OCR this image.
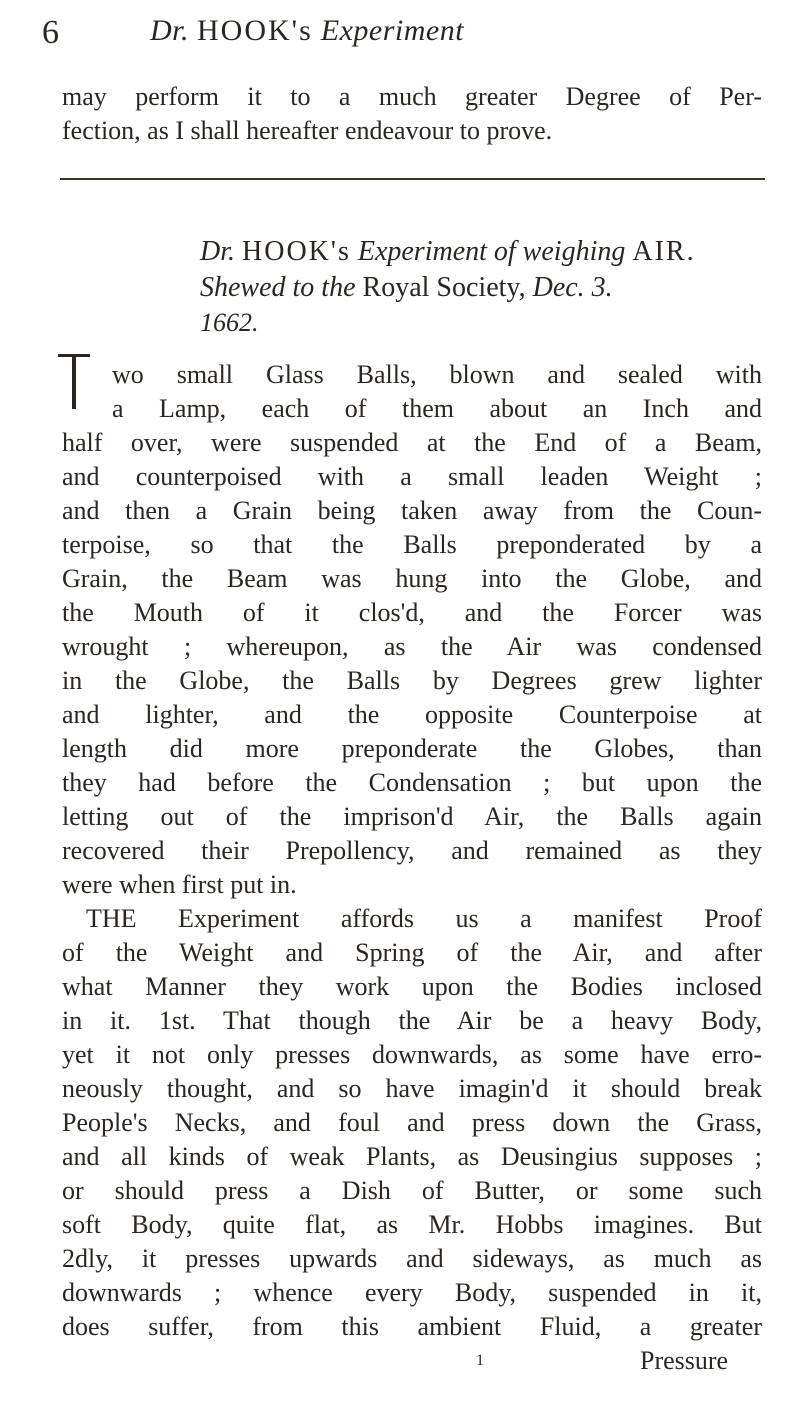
6	Dr. HOOK's Experiment
may perform it to a much greater Degree of Per-
fection, as I shall hereafter endeavour to prove.
Dr. HOOK's Experiment of weighing AIR.
Shewed to the Royal Society, Dec. 3.
1662.
wo small Glass Balls, blown and sealed with
a Lamp, each of them about an Inch and
half over, were suspended at the End of a Beam,
and counterpoised with a small leaden Weight ;
and then a Grain being taken away from the Coun-
terpoise, so that the Balls preponderated by a
Grain, the Beam was hung into the Globe, and
the Mouth of it clos'd, and the Forcer was
wrought ; whereupon, as the Air was condensed
in the Globe, the Balls by Degrees grew lighter
and lighter, and the opposite Counterpoise at
length did more preponderate the Globes, than
they had before the Condensation ; but upon the
letting out of the imprison'd Air, the Balls again
recovered their Prepollency, and remained as they
were when first put in.
THE Experiment affords us a manifest Proof
of the Weight and Spring of the Air, and after
what Manner they work upon the Bodies inclosed
in it. 1st. That though the Air be a heavy Body,
yet it not only presses downwards, as some have erro-
neously thought, and so have imagin'd it should break
People's Necks, and foul and press down the Grass,
and all kinds of weak Plants, as Deusingius supposes ;
or should press a Dish of Butter, or some such
soft Body, quite flat, as Mr. Hobbs imagines. But
2dly, it presses upwards and sideways, as much as
downwards ; whence every Body, suspended in it,
does suffer, from this ambient Fluid, a greater
1	Pressure
